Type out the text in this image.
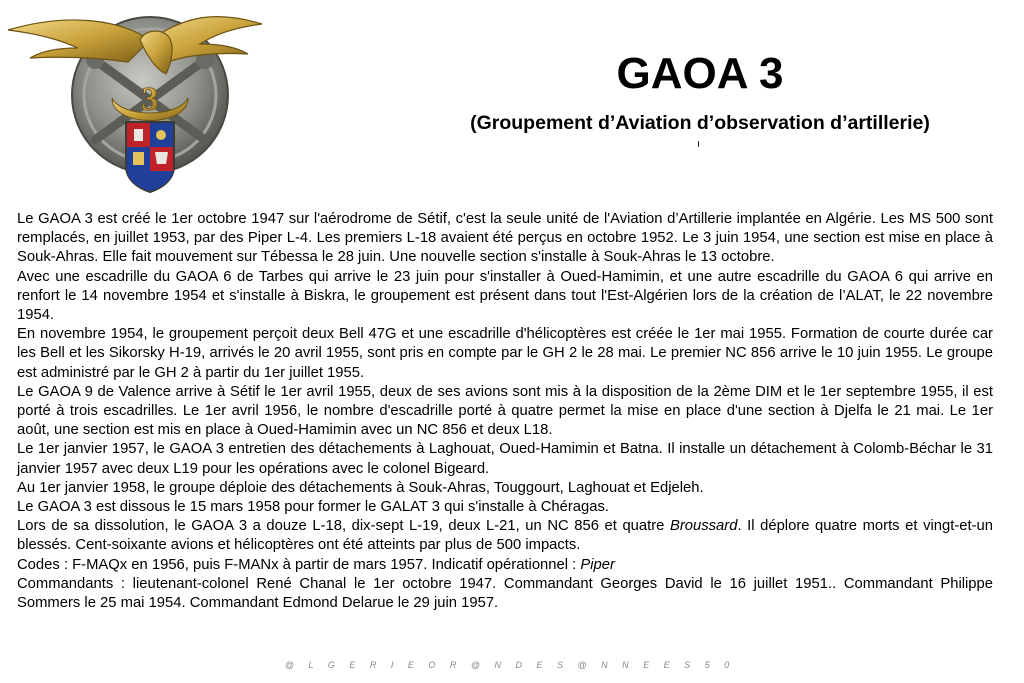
3
GAOA 3
(Groupement d’Aviation d’observation d’artillerie)

Le GAOA 3 est créé le 1er octobre 1947 sur l'aérodrome de Sétif, c'est la seule unité de l'Aviation d’Artillerie implantée en Algérie. Les MS 500 sont remplacés, en juillet 1953, par des Piper L-4. Les premiers L-18 avaient été perçus en octobre 1952. Le 3 juin 1954, une section est mise en place à Souk-Ahras. Elle fait mouvement sur Tébessa le 28 juin. Une nouvelle section s'installe à Souk-Ahras le 13 octobre.

Avec une escadrille du GAOA 6 de Tarbes qui arrive le 23 juin pour s'installer à Oued-Hamimin, et une autre escadrille du GAOA 6 qui arrive en renfort le 14 novembre 1954 et s'installe à Biskra, le groupement est présent dans tout l'Est-Algérien lors de la création de l’ALAT, le 22 novembre 1954.

En novembre 1954, le groupement perçoit deux Bell 47G et une escadrille d'hélicoptères est créée le 1er mai 1955. Formation de courte durée car les Bell et les Sikorsky H-19, arrivés le 20 avril 1955, sont pris en compte par le GH 2 le 28 mai. Le premier NC 856 arrive le 10 juin 1955. Le groupe est administré par le GH 2 à partir du 1er juillet 1955.

Le GAOA 9 de Valence arrive à Sétif le 1er avril 1955, deux de ses avions sont mis à la disposition de la 2ème DIM et le 1er septembre 1955, il est porté à trois escadrilles. Le 1er avril 1956, le nombre d'escadrille porté à quatre permet la mise en place d'une section à Djelfa le 21 mai. Le 1er août, une section est mis en place à Oued-Hamimin avec un NC 856 et deux L18.

Le 1er janvier 1957, le GAOA 3 entretien des détachements à Laghouat, Oued-Hamimin et Batna. Il installe un détachement à Colomb-Béchar le 31 janvier 1957 avec deux L19 pour les opérations avec le colonel Bigeard.

Au 1er janvier 1958, le groupe déploie des détachements à Souk-Ahras, Touggourt, Laghouat et Edjeleh.

Le GAOA 3 est dissous le 15 mars 1958 pour former le GALAT 3 qui s'installe à Chéragas.

Lors de sa dissolution, le GAOA 3 a douze L-18, dix-sept L-19, deux L-21, un NC 856 et quatre Broussard. Il déplore quatre morts et vingt-et-un blessés. Cent-soixante avions et hélicoptères ont été atteints par plus de 500 impacts.

Codes : F-MAQx en 1956, puis F-MANx à partir de mars 1957. Indicatif opérationnel : Piper

Commandants : lieutenant-colonel René Chanal le 1er octobre 1947. Commandant Georges David le 16 juillet 1951.. Commandant Philippe Sommers le 25 mai 1954. Commandant Edmond Delarue le 29 juin 1957.

@ L G E R I E O R @ N D E S @ N N E E S 5 0
